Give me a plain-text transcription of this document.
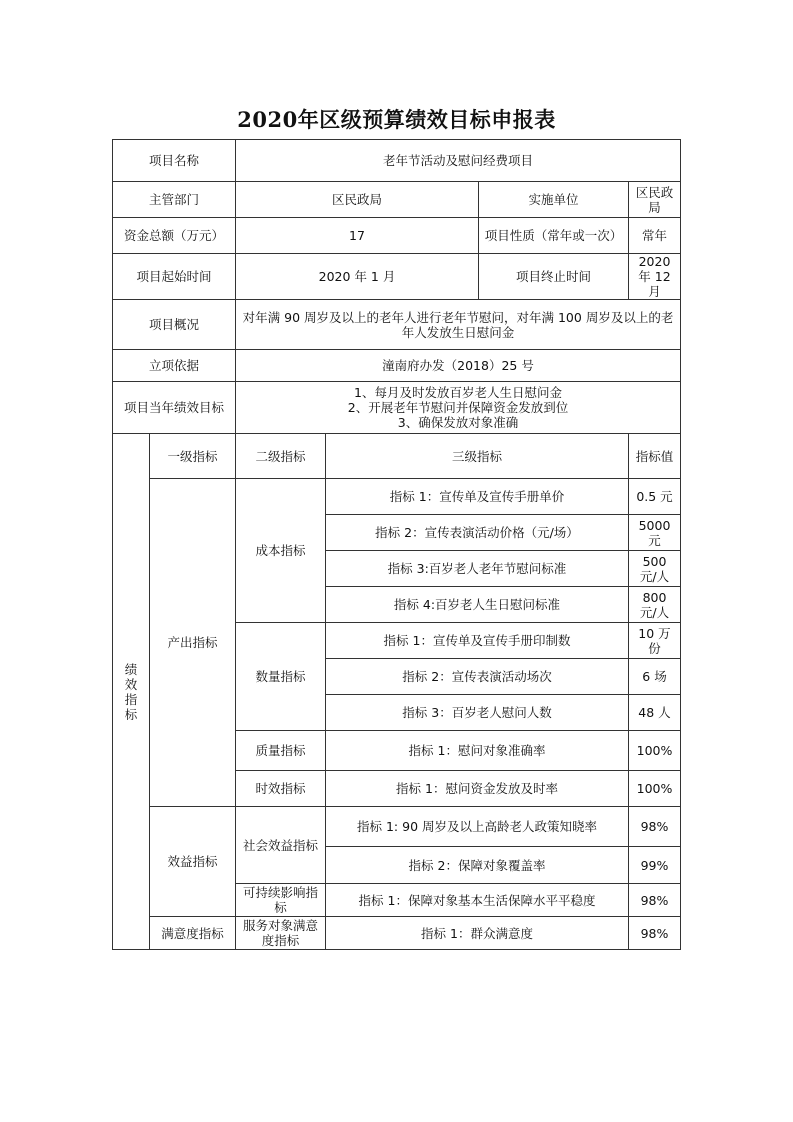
2020年区级预算绩效目标申报表
项目名称		老年节活动及慰问经费项目			
主管部门		区民政局		实施单位	区民政局
资金总额（万元）		17		项目性质（常年或一次）	常年
项目起始时间		2020 年 1 月		项目终止时间	2020 年 12 月
项目概况		对年满 90 周岁及以上的老年人进行老年节慰问，对年满 100 周岁及以上的老年人发放生日慰问金			
立项依据		潼南府办发（2018）25 号			
项目当年绩效目标		1、每月及时发放百岁老人生日慰问金
2、开展老年节慰问并保障资金发放到位
3、确保发放对象准确			

绩效指标	一级指标	二级指标	三级指标		指标值
	产出指标	成本指标	指标 1：宣传单及宣传手册单价		0.5 元
			指标 2：宣传表演活动价格（元/场）		5000 元
			指标 3:百岁老人老年节慰问标准		500 元/人
			指标 4:百岁老人生日慰问标准		800 元/人
		数量指标	指标 1：宣传单及宣传手册印制数		10 万份
			指标 2：宣传表演活动场次		6 场
			指标 3：百岁老人慰问人数		48 人
		质量指标	指标 1：慰问对象准确率		100%
		时效指标	指标 1：慰问资金发放及时率		100%
	效益指标	社会效益指标	指标 1: 90 周岁及以上高龄老人政策知晓率		98%
			指标 2：保障对象覆盖率		99%
		可持续影响指标	指标 1：保障对象基本生活保障水平平稳度		98%
	满意度指标	服务对象满意度指标	指标 1：群众满意度		98%
